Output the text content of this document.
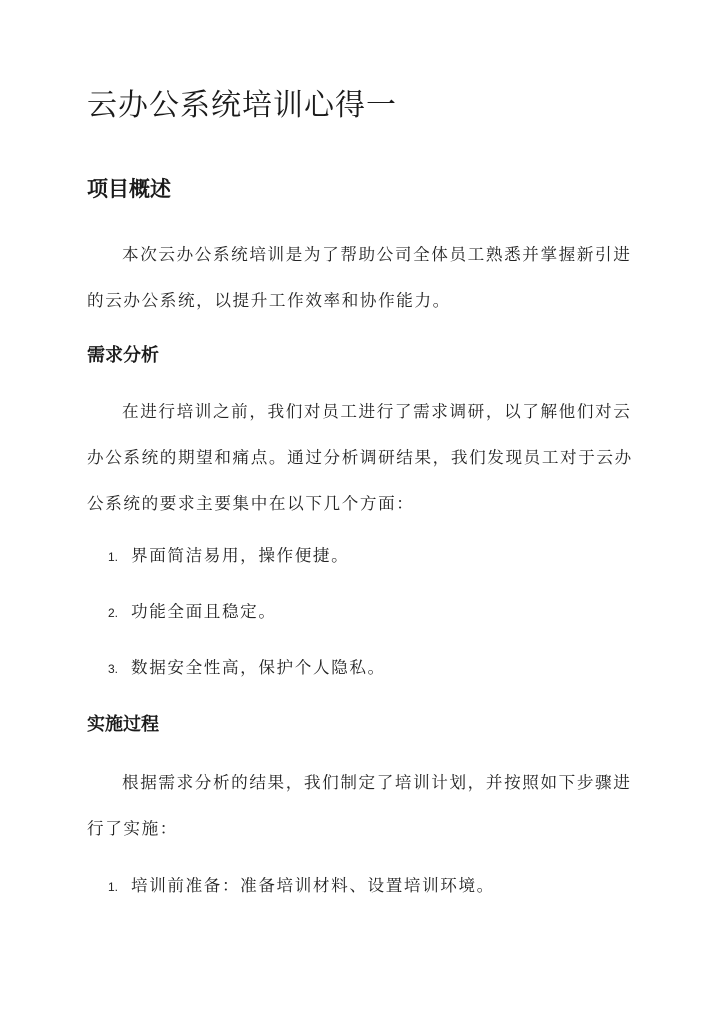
云办公系统培训心得一
项目概述

本次云办公系统培训是为了帮助公司全体员工熟悉并掌握新引进的云办公系统，以提升工作效率和协作能力。

需求分析

在进行培训之前，我们对员工进行了需求调研，以了解他们对云办公系统的期望和痛点。通过分析调研结果，我们发现员工对于云办公系统的要求主要集中在以下几个方面：

1. 界面简洁易用，操作便捷。
2. 功能全面且稳定。
3. 数据安全性高，保护个人隐私。
实施过程

根据需求分析的结果，我们制定了培训计划，并按照如下步骤进行了实施：

1. 培训前准备：准备培训材料、设置培训环境。
